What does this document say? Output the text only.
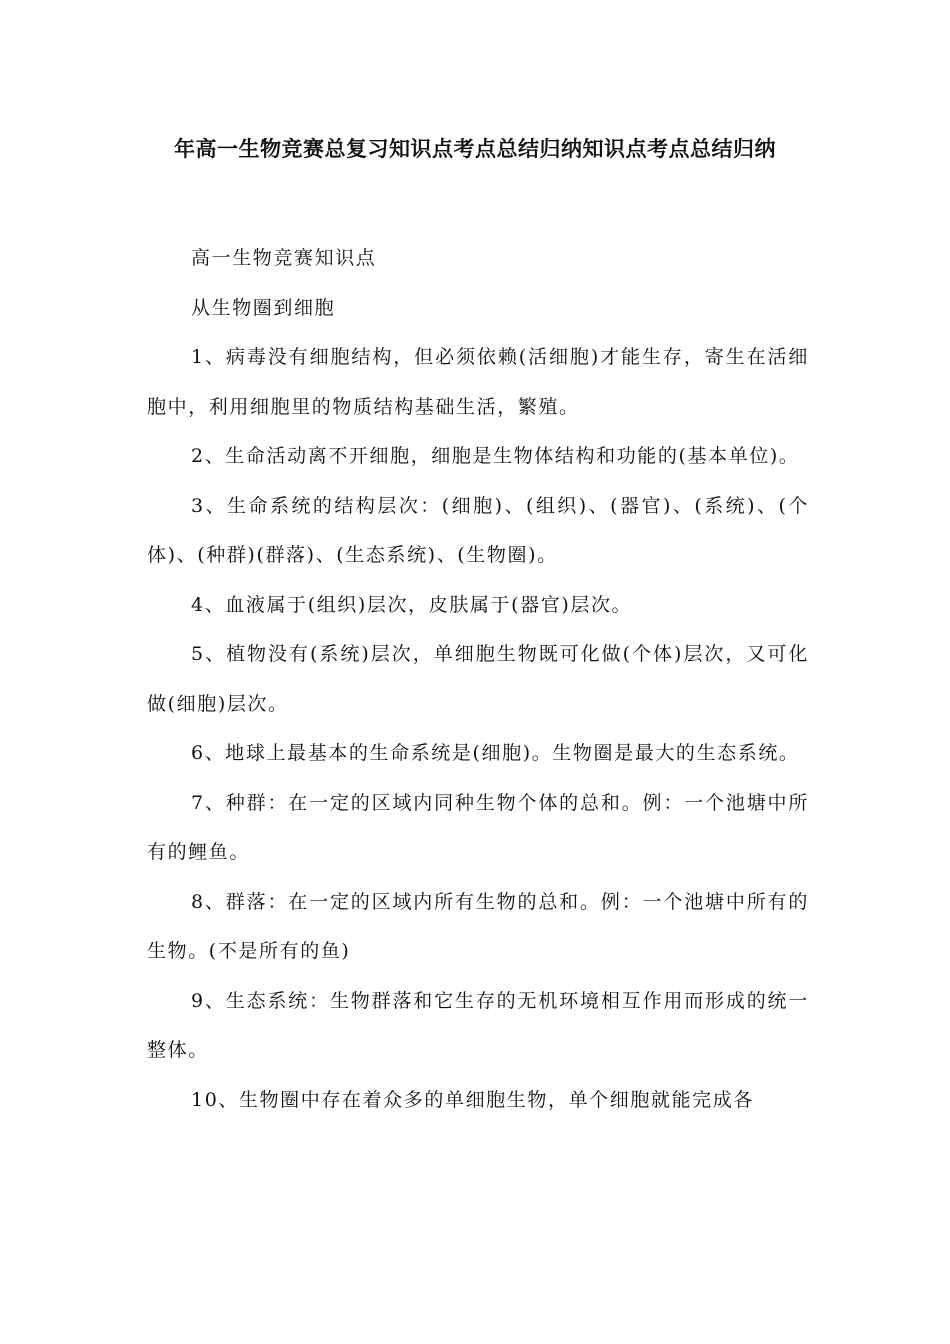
年高一生物竞赛总复习知识点考点总结归纳知识点考点总结归纳
高一生物竞赛知识点
从生物圈到细胞
1、病毒没有细胞结构，但必须依赖(活细胞)才能生存，寄生在活细胞中，利用细胞里的物质结构基础生活，繁殖。
2、生命活动离不开细胞，细胞是生物体结构和功能的(基本单位)。
3、生命系统的结构层次：(细胞)、(组织)、(器官)、(系统)、(个体)、(种群)(群落)、(生态系统)、(生物圈)。
4、血液属于(组织)层次，皮肤属于(器官)层次。
5、植物没有(系统)层次，单细胞生物既可化做(个体)层次，又可化做(细胞)层次。
6、地球上最基本的生命系统是(细胞)。生物圈是最大的生态系统。
7、种群：在一定的区域内同种生物个体的总和。例：一个池塘中所有的鲤鱼。
8、群落：在一定的区域内所有生物的总和。例：一个池塘中所有的生物。(不是所有的鱼)
9、生态系统：生物群落和它生存的无机环境相互作用而形成的统一整体。
10、生物圈中存在着众多的单细胞生物，单个细胞就能完成各
